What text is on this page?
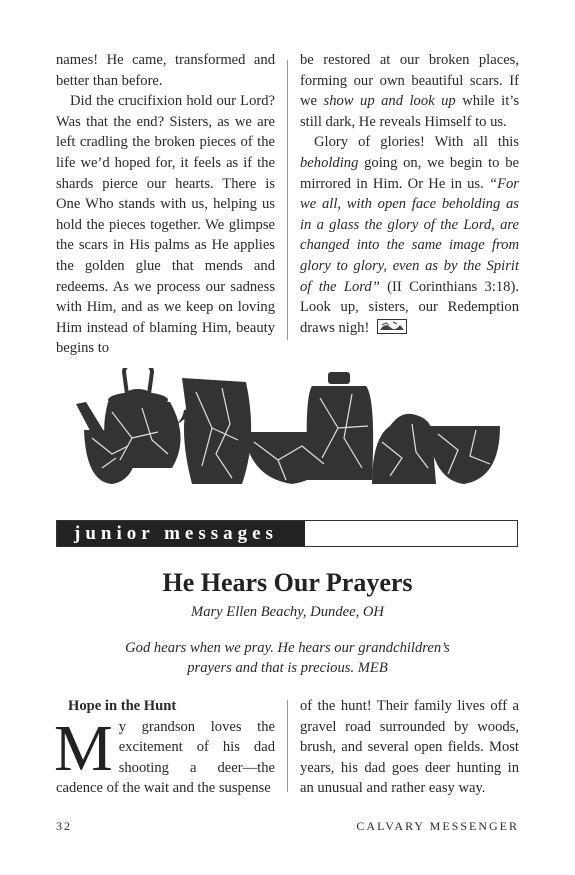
names! He came, transformed and better than before.

Did the crucifixion hold our Lord? Was that the end? Sisters, as we are left cradling the broken pieces of the life we’d hoped for, it feels as if the shards pierce our hearts. There is One Who stands with us, helping us hold the pieces together. We glimpse the scars in His palms as He applies the golden glue that mends and redeems. As we process our sadness with Him, and as we keep on loving Him instead of blaming Him, beauty begins to

be restored at our broken places, forming our own beautiful scars. If we show up and look up while it’s still dark, He reveals Himself to us.

Glory of glories! With all this beholding going on, we begin to be mirrored in Him. Or He in us. “For we all, with open face beholding as in a glass the glory of the Lord, are changed into the same image from glory to glory, even as by the Spirit of the Lord” (II Corinthians 3:18). Look up, sisters, our Redemption draws nigh!

junior messages
He Hears Our Prayers
Mary Ellen Beachy, Dundee, OH
God hears when we pray. He hears our grandchildren’s prayers and that is precious. MEB

Hope in the Hunt

My grandson loves the excitement of his dad shooting a deer—the cadence of the wait and the suspense

of the hunt! Their family lives off a gravel road surrounded by woods, brush, and several open fields. Most years, his dad goes deer hunting in an unusual and rather easy way.

32	CALVARY MESSENGER
